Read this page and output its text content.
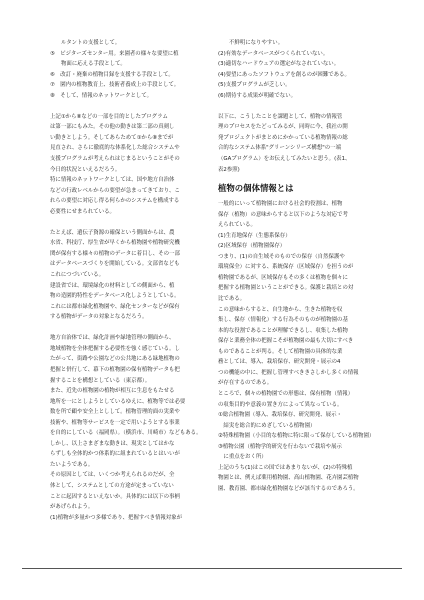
ルタントの支援として。
⑤　ビジターズセンター用。来園者の様々な要望に植
物面に応える手段として。
⑥　改訂・廃棄の植物目録を支援する手段として。
⑦　園内の植物教育上、技術者養成上の手段として。
⑧　そして、情報のネットワークとして。
上記①から⑧などの一部を目的としたプログラム
は第一部にもみた。その他の動きは第二部の真剣し
い動きとしよう。そしてあらためて①から⑧までが
見直され、さらに徹底的な体系化した総合システムや
支援プログラムが考えられはじまるということがその
今日的状況といえるだろう。
特に情報のネットワークとしては、国や地方自治体
などの行政レベルからの要望が急まってきており、こ
れらの要望に対応し得る何らかのシステムを構成する
必要性にせまられている。
たとえば、遺伝子資源の確保という側面からは、農
水省、科技庁、厚生省が早くから植物園や植物研究機
関が保有する様々の植物のデータに着目し、その一部
はデータベースづくりを開始している。文部省なども
これにつづいている。
建設省では、環境緑化の材料としての側面から、植
物の造園的特性をデータベース化しようとしている。
これには都市緑化植物園や、緑化センターなどが保有
する植物がデータの対象となるだろう。
地方自治体では、緑化計画や緑地管理の側面から、
地域植物を全体把握する必要性を強く感じている。し
たがって、街路や公園などの公共地にある緑地植物の
把握と併行して、幕下の植物園の保有植物データも把
握することを構想としている（東京都）。
また、近先の植物園の植物が相互に生息をもたせる
地所を一にとしようとしているゆえに、植物等では必要
数を所で顧や安全上としして。植物管理的面の実業や
技術や、植物等サービスを一定で用いようとする事業
を自的にしている（福岡県）。（横浜市、川崎市）などもある。
しかし、以上さまざまな動きは、現実としてはかな
らずしも全体的かつ体系的に組まれているとはいいが
たいようである。
その原因としては、いくつか考えられるのだが、全
体として、システムとしての方途が定まっていない
ことに起因するといえないか。具体的には以下の事柄
があげられよう。
(1)植物が多量かつ多様であり、把握すべき情報対象が
不鮮明になりやすい。
(2)有効なデータベースがつくられていない。
(3)適切なハードウェアの選定がなされていない。
(4)要望にあったソフトウェアを創るのが困難である。
(5)支援プログラムが乏しい。
(6)期待する成果が明確でない。
以下に、こうしたことを課題として、植物の情報管
理のプロセスをたどってみるが、同時に今、我社の開
発プロジェクトがまとめにかかっている植物情報の総
合的なシステム体系"グリーンシリーズ構想"の一端
（GAプログラム）をお伝えしてみたいと思う。(表1、
表2参照)
植物の個体情報とは
一般的にいって植物園における社会的役割は、植物
保存（植物）の意味からすると以下のような対応で考
えられている。
(1)生育地保存（生態系保存）
(2)区域保存（植物園保存）
つまり、(1)の自生域そのものでの保存（自然保護や
環境保全）に対する、系統保存（区域保存）を担うのが
植物園であるが、区域保存もその多くは植物を個々に
把握する植物園ということができる。保護と栽培との対
比である。
この意味からすると、自生地から、生きた植物を収
集し、保存（情報化）する行為そのものが植物園の基
本的な役割であることが理解できるし、収集した植物
保存と業務全体の把握こそが植物園の最も大切にすべき
ものであることが判る。そして植物園の具体的な業
務としては、導入、栽培保存、研究開発・展示の4
つの機能の中に、把握し管理すべききさしかし多くの情報
が存在するのである。
ところで、個々の植物園での形態は、保有植物（情報）
の収集目的や意義の置き方によって異なっている。
①総合植物園（導入、栽培保存、研究開発、展示・
　結実を総合的にめざしている植物園）
②特殊植物園（小目的な植物に特に限って保存している植物園）
③植物公園（植物学的研究を行わないで栽培や展示
　に重点をおく所）
上記のうち(1)はこの国ではあまりないが、(2)の特殊植
物園とは、例えば薬用植物園、高山植物園、花卉園芸植物
園、教育園、都市緑化植物園などが該当するのであろう。
